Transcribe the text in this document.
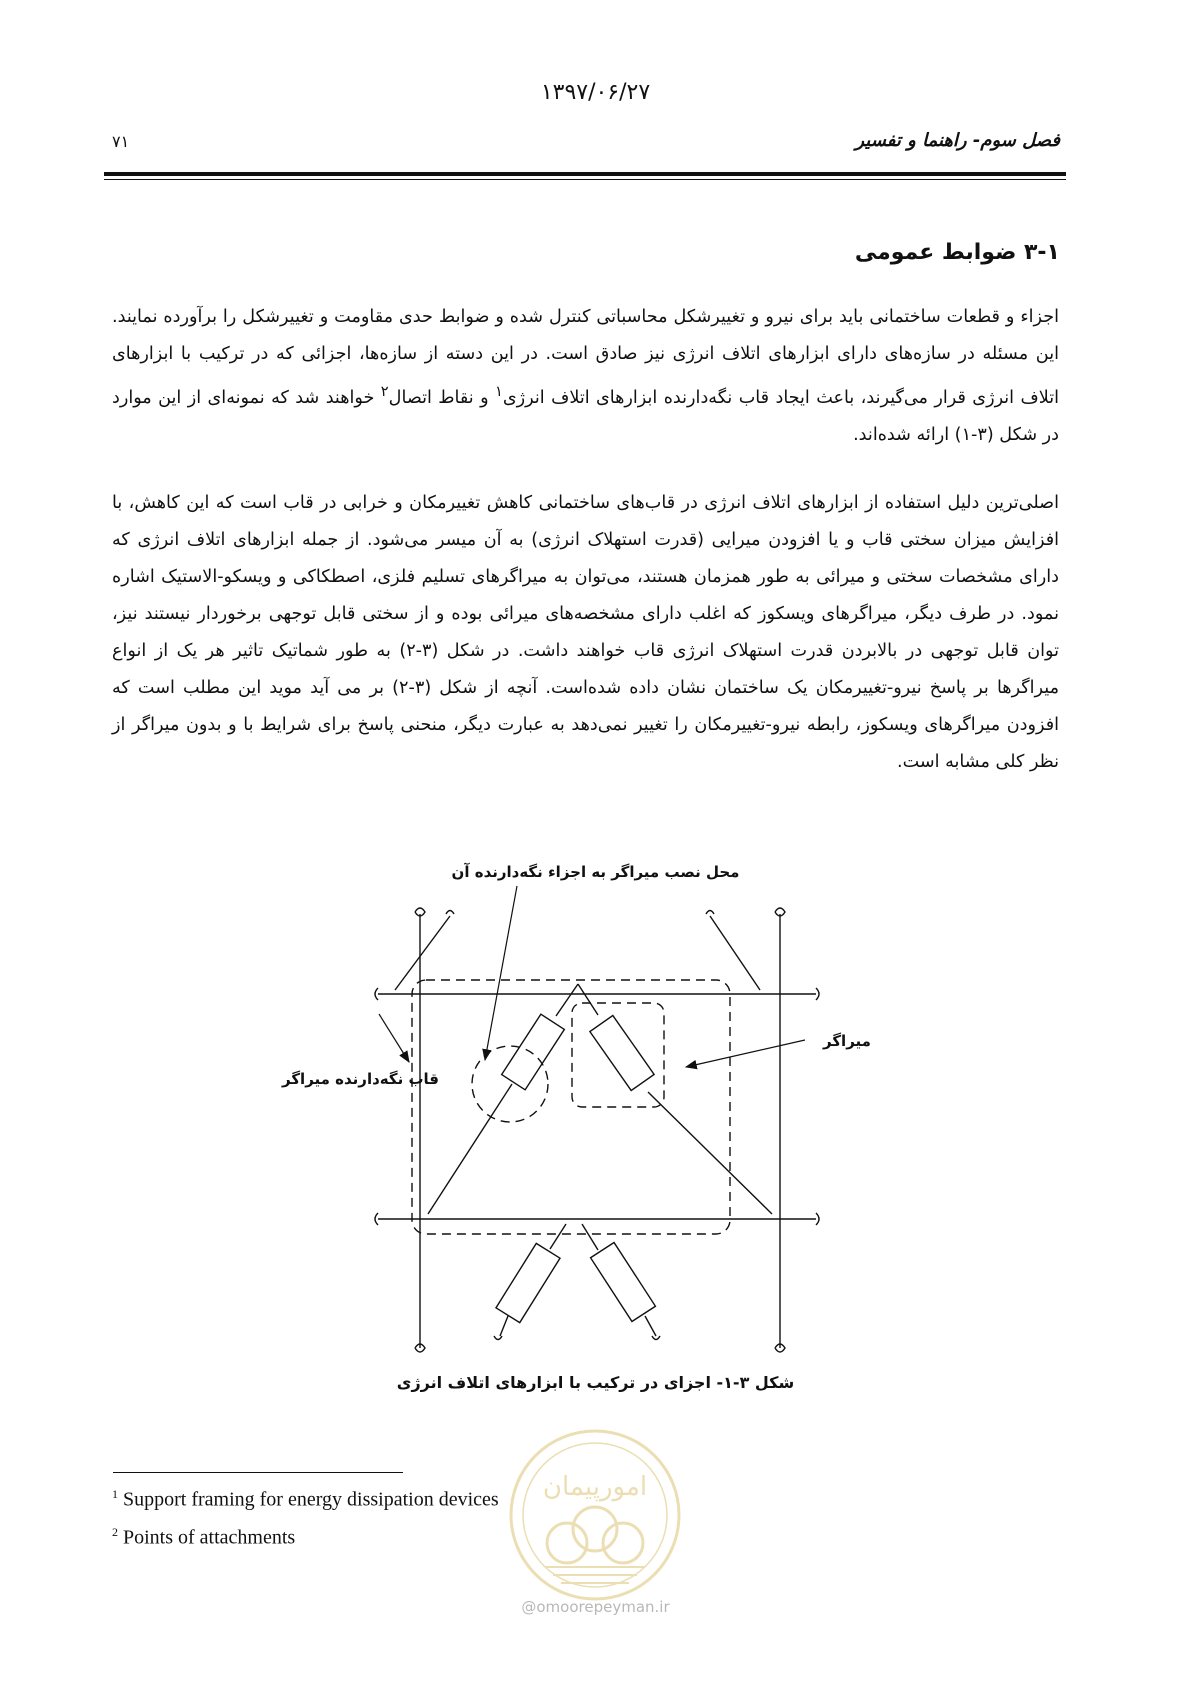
۱۳۹۷/۰۶/۲۷
۷۱	فصل سوم- راهنما و تفسیر
۳-۱ ضوابط عمومی
اجزاء و قطعات ساختمانی باید برای نیرو و تغییرشکل محاسباتی کنترل شده و ضوابط حدی مقاومت و تغییرشکل را برآورده نمایند. این مسئله در سازه‌های دارای ابزارهای اتلاف انرژی نیز صادق است. در این دسته از سازه‌ها، اجزائی که در ترکیب با ابزارهای اتلاف انرژی قرار می‌گیرند، باعث ایجاد قاب نگه‌دارنده ابزارهای اتلاف انرژی$^۱$ و نقاط اتصال$^۲$ خواهند شد که نمونه‌ای از این موارد در شکل (۳-۱) ارائه شده‌اند.
اصلی‌ترین دلیل استفاده از ابزارهای اتلاف انرژی در قاب‌های ساختمانی کاهش تغییرمکان و خرابی در قاب است که این کاهش، با افزایش میزان سختی قاب و یا افزودن میرایی (قدرت استهلاک انرژی) به آن میسر می‌شود. از جمله ابزارهای اتلاف انرژی که دارای مشخصات سختی و میرائی به طور همزمان هستند، می‌توان به میراگرهای تسلیم فلزی، اصطکاکی و ویسکو-الاستیک اشاره نمود. در طرف دیگر، میراگرهای ویسکوز که اغلب دارای مشخصه‌های میرائی بوده و از سختی قابل توجهی برخوردار نیستند نیز، توان قابل توجهی در بالابردن قدرت استهلاک انرژی قاب خواهند داشت. در شکل (۳-۲) به طور شماتیک تاثیر هر یک از انواع میراگرها بر پاسخ نیرو-تغییرمکان یک ساختمان نشان داده شده‌است. آنچه از شکل (۳-۲) بر می آید موید این مطلب است که افزودن میراگرهای ویسکوز، رابطه نیرو-تغییرمکان را تغییر نمی‌دهد به عبارت دیگر، منحنی پاسخ برای شرایط با و بدون میراگر از نظر کلی مشابه است.
محل نصب میراگر به اجزاء نگه‌دارنده آن
قاب نگه‌دارنده میراگر
میراگر
شکل ۳-۱- اجزای در ترکیب با ابزارهای اتلاف انرژی
$^1$ Support framing for energy dissipation devices
$^2$ Points of attachments
امورپیمان
@omoorepeyman.ir
